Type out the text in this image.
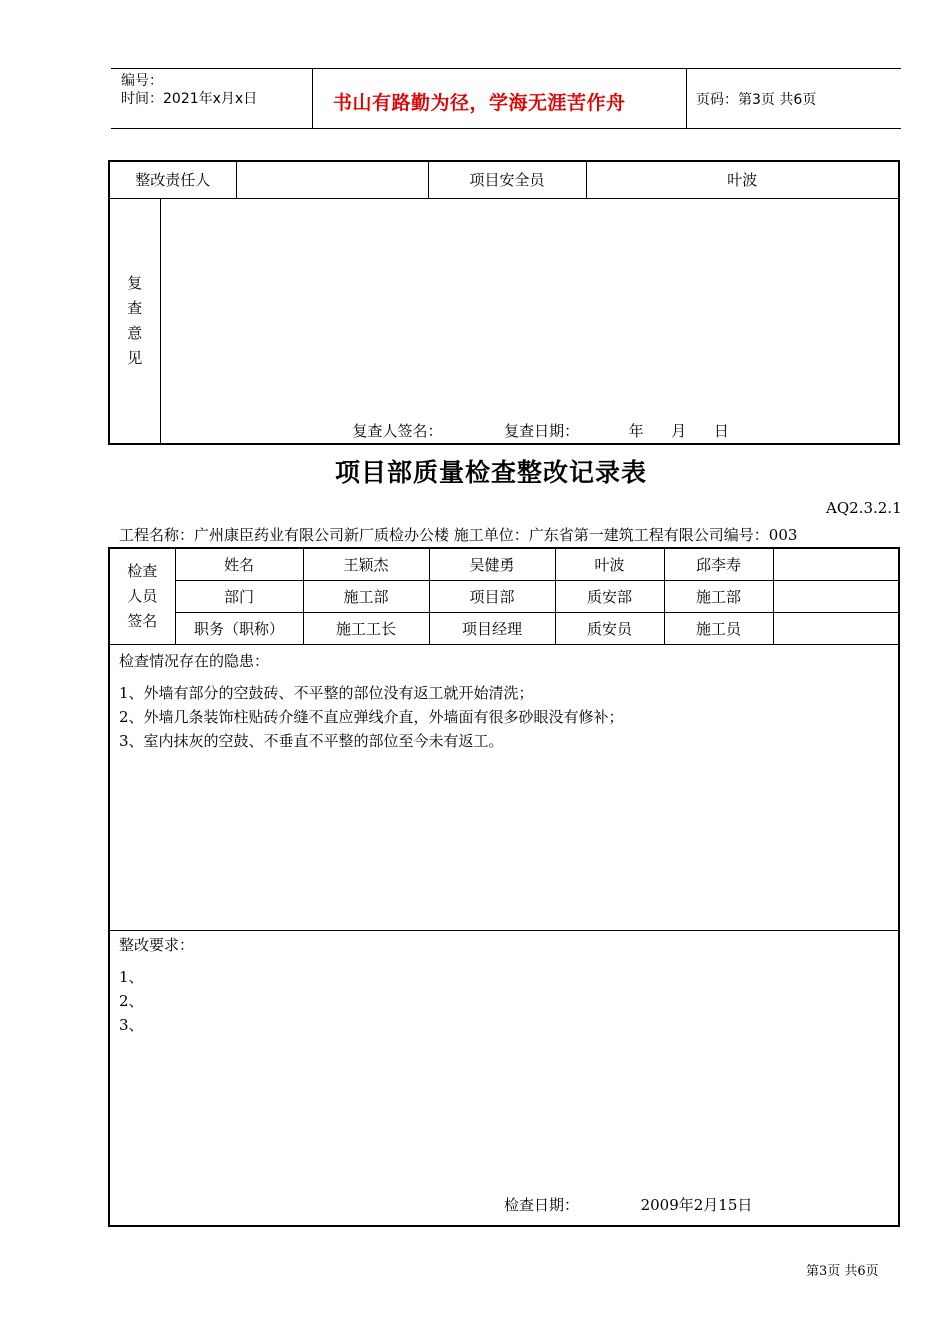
编号：
时间：2021年x月x日	书山有路勤为径，学海无涯苦作舟	页码：第3页 共6页
整改责任人			项目安全员	叶波

复
查
意
见	复查人签名： 复查日期： 年 月 日			
项目部质量检查整改记录表
AQ2.3.2.1
工程名称：广州康臣药业有限公司新厂质检办公楼 施工单位：广东省第一建筑工程有限公司编号：003
检查
人员
签名	姓名	王颖杰	吴健勇	叶波	邱李寿	
	部门	施工部	项目部	质安部	施工部	
	职务（职称）	施工工长	项目经理	质安员	施工员	

检查情况存在的隐患：
1、外墙有部分的空鼓砖、不平整的部位没有返工就开始清洗；
2、外墙几条装饰柱贴砖介缝不直应弹线介直，外墙面有很多砂眼没有修补；
3、室内抹灰的空鼓、不垂直不平整的部位至今未有返工。						

整改要求：
1、
2、
3、
检查日期： 2009年2月15日						
第3页 共6页
